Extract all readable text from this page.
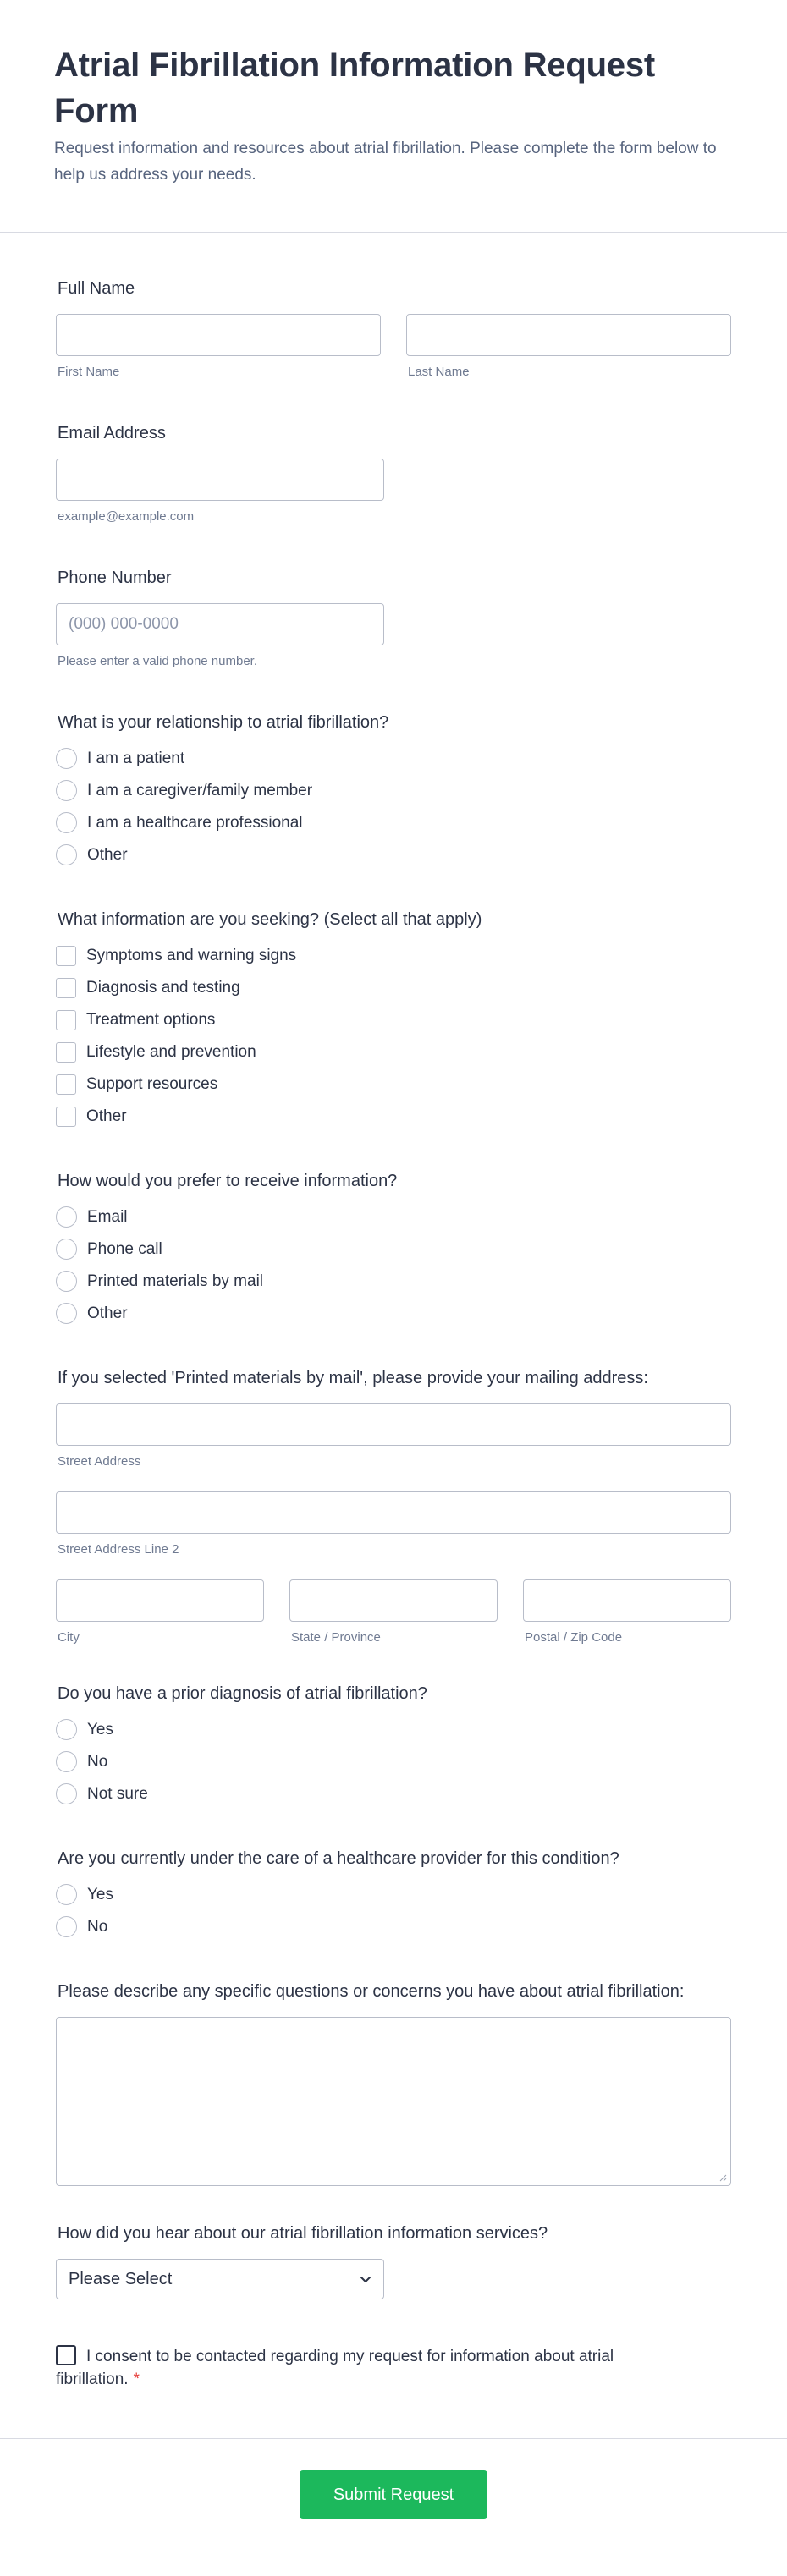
Atrial Fibrillation Information Request Form

Request information and resources about atrial fibrillation. Please complete the form below to help us address your needs.

Full Name
First Name	Last Name
Email Address
example@example.com
Phone Number
(000) 000-0000
Please enter a valid phone number.
What is your relationship to atrial fibrillation?
I am a patient
I am a caregiver/family member
I am a healthcare professional
Other
What information are you seeking? (Select all that apply)
Symptoms and warning signs
Diagnosis and testing
Treatment options
Lifestyle and prevention
Support resources
Other
How would you prefer to receive information?
Email
Phone call
Printed materials by mail
Other
If you selected 'Printed materials by mail', please provide your mailing address:
Street Address
Street Address Line 2
City	State / Province	Postal / Zip Code
Do you have a prior diagnosis of atrial fibrillation?
Yes
No
Not sure
Are you currently under the care of a healthcare provider for this condition?
Yes
No
Please describe any specific questions or concerns you have about atrial fibrillation:
How did you hear about our atrial fibrillation information services?
Please Select
I consent to be contacted regarding my request for information about atrial fibrillation. *
Submit Request
